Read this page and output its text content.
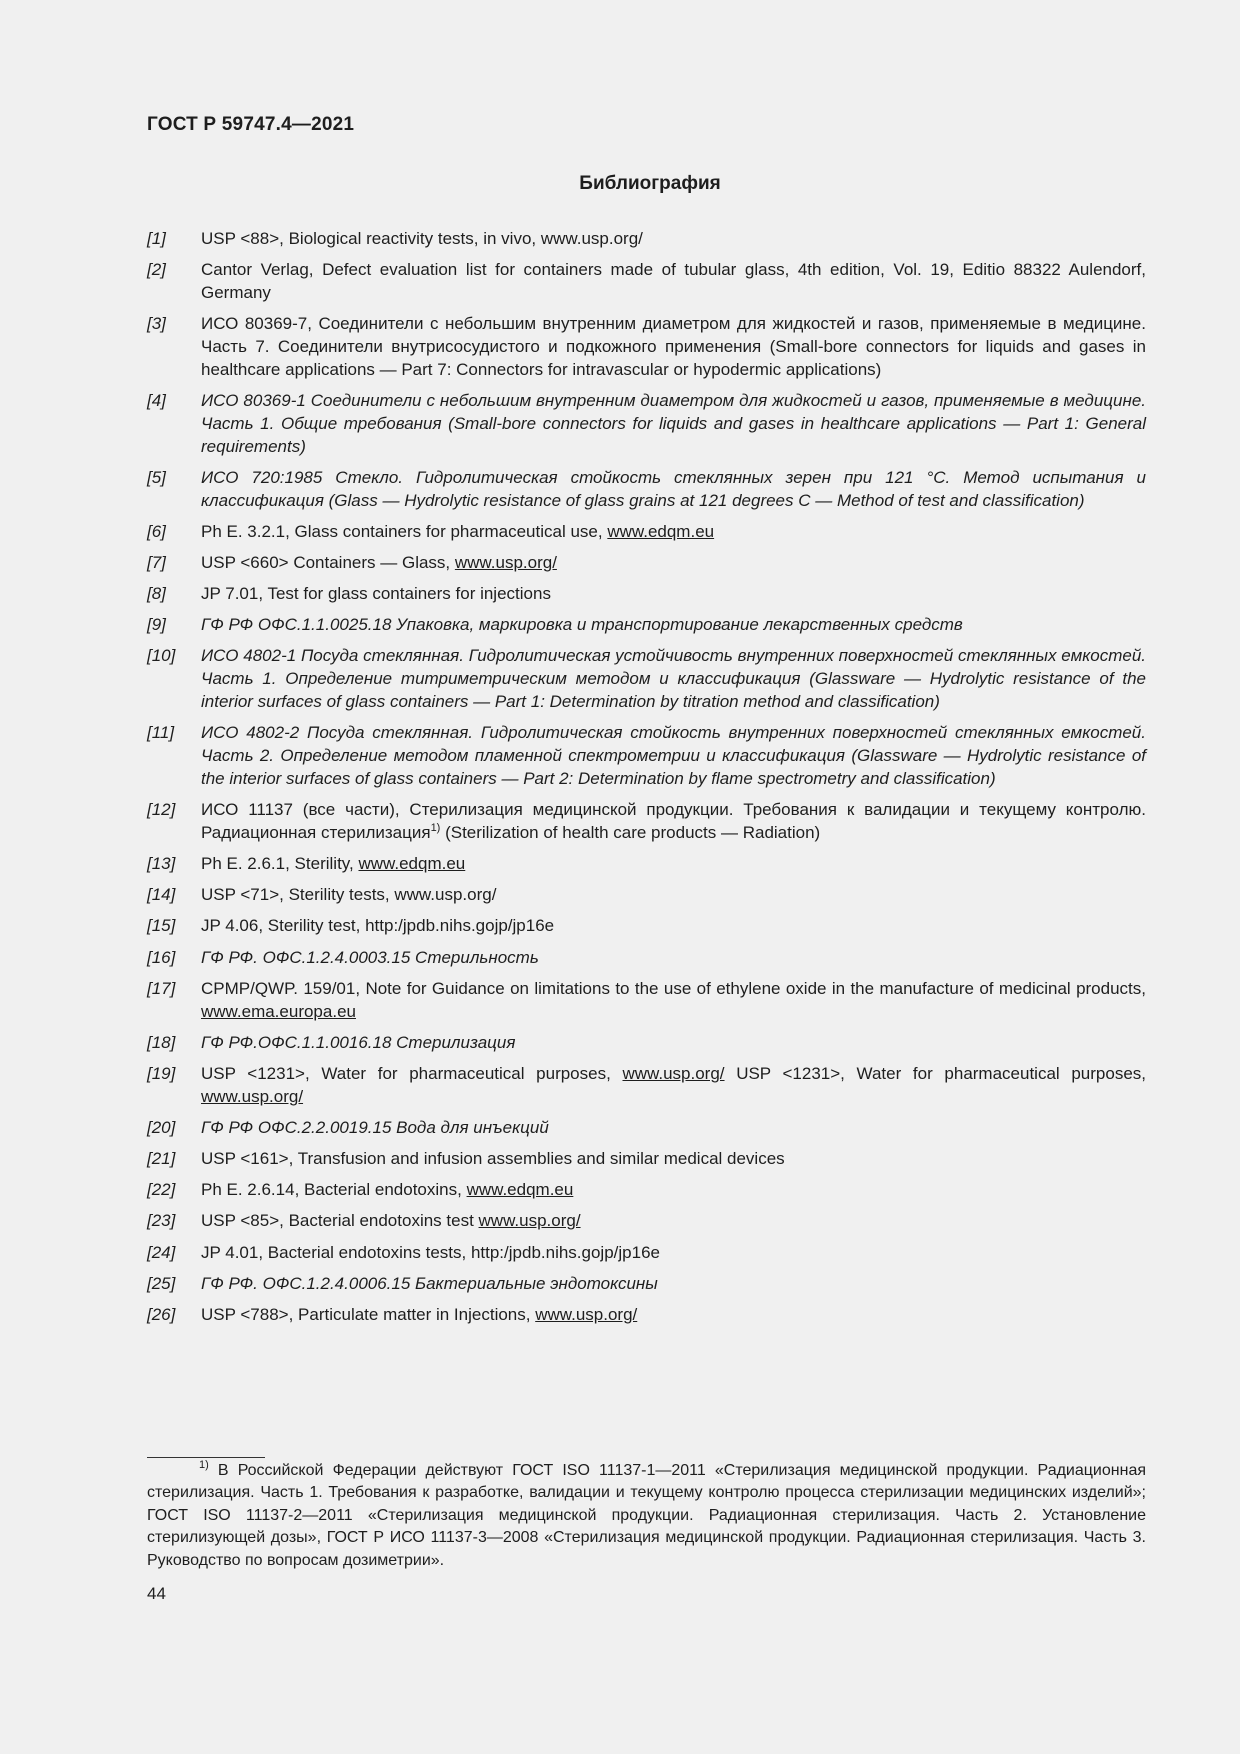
ГОСТ Р 59747.4—2021
Библиография
[1] USP <88>, Biological reactivity tests, in vivo, www.usp.org/
[2] Cantor Verlag, Defect evaluation list for containers made of tubular glass, 4th edition, Vol. 19, Editio 88322 Aulendorf, Germany
[3] ИСО 80369-7, Соединители с небольшим внутренним диаметром для жидкостей и газов, применяемые в медицине. Часть 7. Соединители внутрисосудистого и подкожного применения (Small-bore connectors for liquids and gases in healthcare applications — Part 7: Connectors for intravascular or hypodermic applications)
[4] ИСО 80369-1 Соединители с небольшим внутренним диаметром для жидкостей и газов, применяемые в медицине. Часть 1. Общие требования (Small-bore connectors for liquids and gases in healthcare applications — Part 1: General requirements)
[5] ИСО 720:1985 Стекло. Гидролитическая стойкость стеклянных зерен при 121 °С. Метод испытания и классификация (Glass — Hydrolytic resistance of glass grains at 121 degrees C — Method of test and classification)
[6] Ph E. 3.2.1, Glass containers for pharmaceutical use, www.edqm.eu
[7] USP <660> Containers — Glass, www.usp.org/
[8] JP 7.01, Test for glass containers for injections
[9] ГФ РФ ОФС.1.1.0025.18 Упаковка, маркировка и транспортирование лекарственных средств
[10] ИСО 4802-1 Посуда стеклянная. Гидролитическая устойчивость внутренних поверхностей стеклянных емкостей. Часть 1. Определение титриметрическим методом и классификация (Glassware — Hydrolytic resistance of the interior surfaces of glass containers — Part 1: Determination by titration method and classification)
[11] ИСО 4802-2 Посуда стеклянная. Гидролитическая стойкость внутренних поверхностей стеклянных емкостей. Часть 2. Определение методом пламенной спектрометрии и классификация (Glassware — Hydrolytic resistance of the interior surfaces of glass containers — Part 2: Determination by flame spectrometry and classification)
[12] ИСО 11137 (все части), Стерилизация медицинской продукции. Требования к валидации и текущему контролю. Радиационная стерилизация$^{1)}$ (Sterilization of health care products — Radiation)
[13] Ph E. 2.6.1, Sterility, www.edqm.eu
[14] USP <71>, Sterility tests, www.usp.org/
[15] JP 4.06, Sterility test, http:/jpdb.nihs.gojp/jp16e
[16] ГФ РФ. ОФС.1.2.4.0003.15 Стерильность
[17] CPMP/QWP. 159/01, Note for Guidance on limitations to the use of ethylene oxide in the manufacture of medicinal products, www.ema.europa.eu
[18] ГФ РФ.ОФС.1.1.0016.18 Стерилизация
[19] USP <1231>, Water for pharmaceutical purposes, www.usp.org/ USP <1231>, Water for pharmaceutical purposes, www.usp.org/
[20] ГФ РФ ОФС.2.2.0019.15 Вода для инъекций
[21] USP <161>, Transfusion and infusion assemblies and similar medical devices
[22] Ph E. 2.6.14, Bacterial endotoxins, www.edqm.eu
[23] USP <85>, Bacterial endotoxins test www.usp.org/
[24] JP 4.01, Bacterial endotoxins tests, http:/jpdb.nihs.gojp/jp16e
[25] ГФ РФ. ОФС.1.2.4.0006.15 Бактериальные эндотоксины
[26] USP <788>, Particulate matter in Injections, www.usp.org/
$^{1)}$ В Российской Федерации действуют ГОСТ ISO 11137-1—2011 «Стерилизация медицинской продукции. Радиационная стерилизация. Часть 1. Требования к разработке, валидации и текущему контролю процесса стерилизации медицинских изделий»; ГОСТ ISO 11137-2—2011 «Стерилизация медицинской продукции. Радиационная стерилизация. Часть 2. Установление стерилизующей дозы», ГОСТ Р ИСО 11137-3—2008 «Стерилизация медицинской продукции. Радиационная стерилизация. Часть 3. Руководство по вопросам дозиметрии».
44
